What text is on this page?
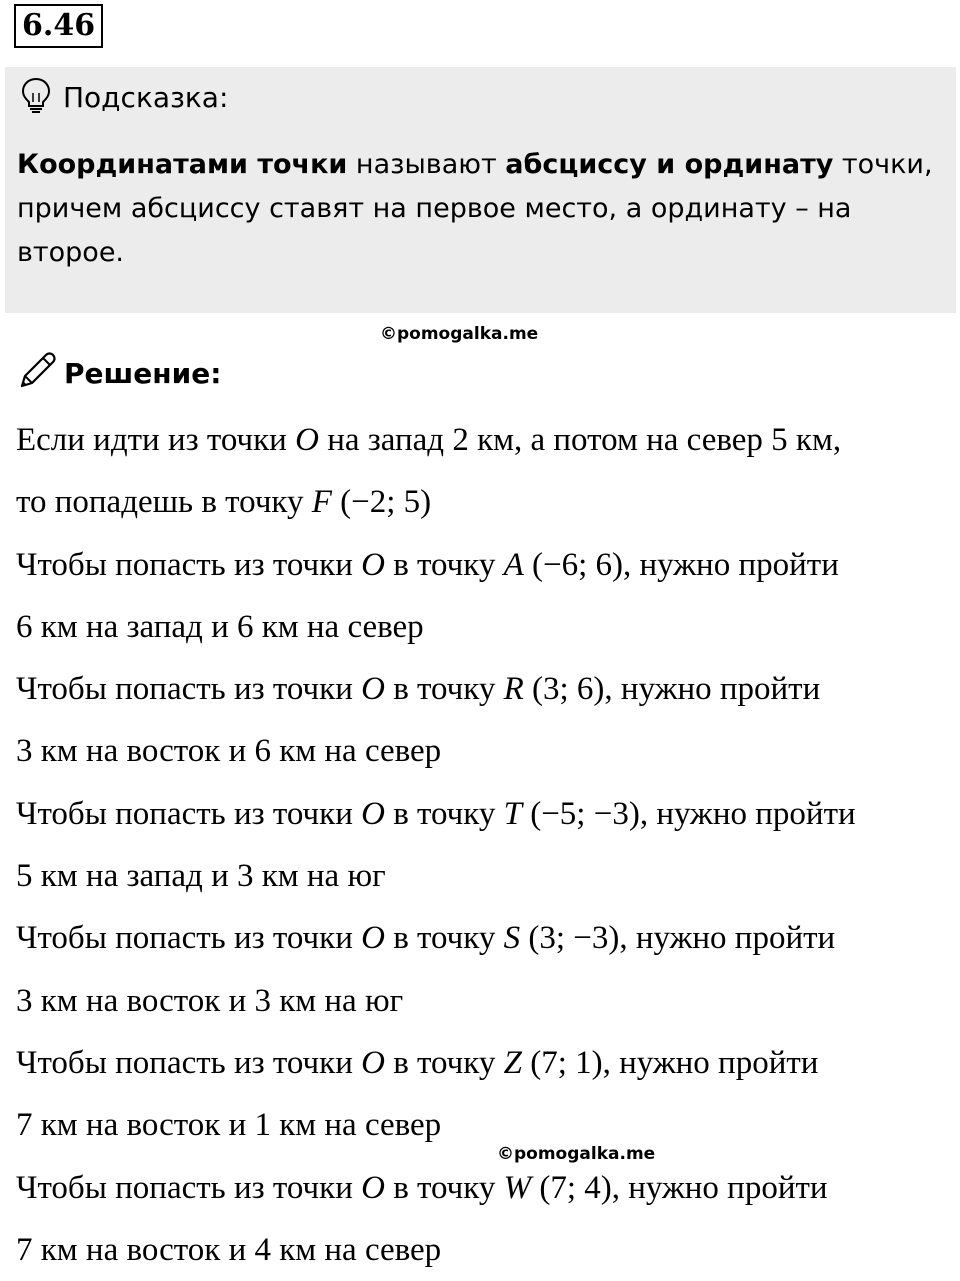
6.46
Подсказка:
Координатами точки называют абсциссу и ординату точки, причем абсциссу ставят на первое место, а ординату – на второе.
©pomogalka.me
Решение:
Если идти из точки O на запад 2 км, а потом на север 5 км,
то попадешь в точку F (−2; 5)
Чтобы попасть из точки O в точку A (−6; 6), нужно пройти
6 км на запад и 6 км на север
Чтобы попасть из точки O в точку R (3; 6), нужно пройти
3 км на восток и 6 км на север
Чтобы попасть из точки O в точку T (−5; −3), нужно пройти
5 км на запад и 3 км на юг
Чтобы попасть из точки O в точку S (3; −3), нужно пройти
3 км на восток и 3 км на юг
Чтобы попасть из точки O в точку Z (7; 1), нужно пройти
7 км на восток и 1 км на север
Чтобы попасть из точки O в точку W (7; 4), нужно пройти
7 км на восток и 4 км на север
©pomogalka.me
